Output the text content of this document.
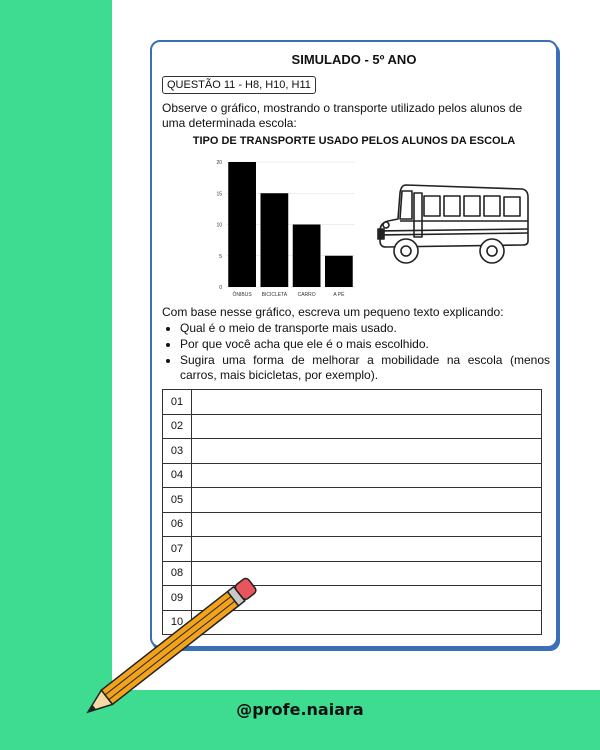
@profe.naiara
SIMULADO - 5º ANO
QUESTÃO 11 - H8, H10, H11
Observe o gráfico, mostrando o transporte utilizado pelos alunos de uma determinada escola:
TIPO DE TRANSPORTE USADO PELOS ALUNOS DA ESCOLA
0
5
10
15
20
ÔNIBUS BICICLETA CARRO	A PÉ
Com base nesse gráfico, escreva um pequeno texto explicando:
• Qual é o meio de transporte mais usado.
• Por que você acha que ele é o mais escolhido.
• Sugira uma forma de melhorar a mobilidade na escola (menos carros, mais bicicletas, por exemplo).
01	
02	
03	
04	
05	
06	
07	
08	
09	
10	
